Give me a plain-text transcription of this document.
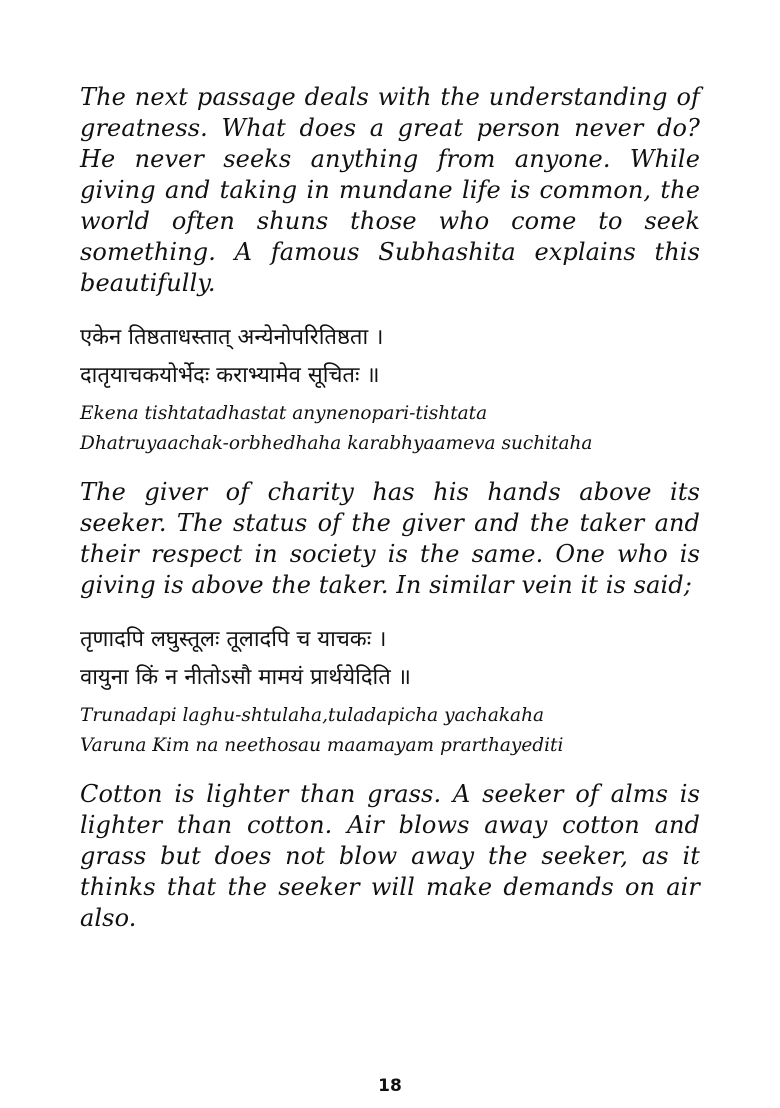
The next passage deals with the understanding of greatness. What does a great person never do? He never seeks anything from anyone. While giving and taking in mundane life is common, the world often shuns those who come to seek something. A famous Subhashita explains this beautifully.

एकेन तिष्ठताधस्तात् अन्येनोपरितिष्ठता ।
दातृयाचकयोर्भेदः कराभ्यामेव सूचितः ॥
Ekena tishtatadhastat anynenopari-tishtata
Dhatruyaachak-orbhedhaha karabhyaameva suchitaha

The giver of charity has his hands above its seeker. The status of the giver and the taker and their respect in society is the same. One who is giving is above the taker. In similar vein it is said;

तृणादपि लघुस्तूलः तूलादपि च याचकः ।
वायुना किं न नीतोऽसौ मामयं प्रार्थयेदिति ॥
Trunadapi laghu-shtulaha,tuladapicha yachakaha
Varuna Kim na neethosau maamayam prarthayediti

Cotton is lighter than grass. A seeker of alms is lighter than cotton. Air blows away cotton and grass but does not blow away the seeker, as it thinks that the seeker will make demands on air also.

18
